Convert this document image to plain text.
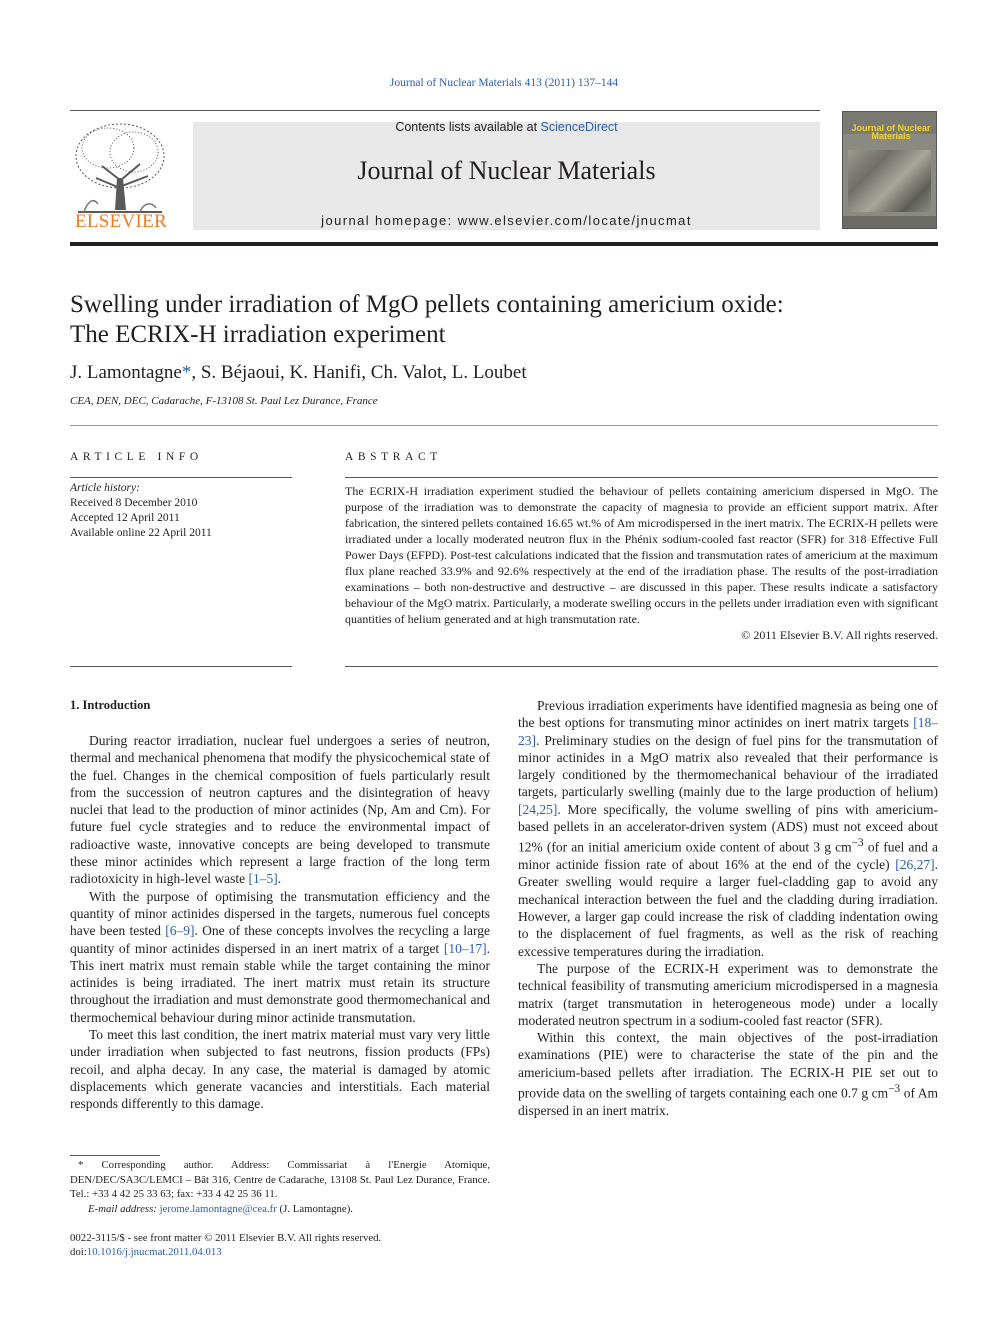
Journal of Nuclear Materials 413 (2011) 137–144
ELSEVIER
Contents lists available at ScienceDirect
Journal of Nuclear Materials
journal homepage: www.elsevier.com/locate/jnucmat
Journal of Nuclear Materials
Swelling under irradiation of MgO pellets containing americium oxide:
The ECRIX-H irradiation experiment
J. Lamontagne*, S. Béjaoui, K. Hanifi, Ch. Valot, L. Loubet
CEA, DEN, DEC, Cadarache, F-13108 St. Paul Lez Durance, France
ARTICLE INFO
Article history:
Received 8 December 2010
Accepted 12 April 2011
Available online 22 April 2011
ABSTRACT

The ECRIX-H irradiation experiment studied the behaviour of pellets containing americium dispersed in MgO. The purpose of the irradiation was to demonstrate the capacity of magnesia to provide an efficient support matrix. After fabrication, the sintered pellets contained 16.65 wt.% of Am microdispersed in the inert matrix. The ECRIX-H pellets were irradiated under a locally moderated neutron flux in the Phénix sodium-cooled fast reactor (SFR) for 318 Effective Full Power Days (EFPD). Post-test calculations indicated that the fission and transmutation rates of americium at the maximum flux plane reached 33.9% and 92.6% respectively at the end of the irradiation phase. The results of the post-irradiation examinations – both non-destructive and destructive – are discussed in this paper. These results indicate a satisfactory behaviour of the MgO matrix. Particularly, a moderate swelling occurs in the pellets under irradiation even with significant quantities of helium generated and at high transmutation rate.

© 2011 Elsevier B.V. All rights reserved.

1. Introduction

During reactor irradiation, nuclear fuel undergoes a series of neutron, thermal and mechanical phenomena that modify the physicochemical state of the fuel. Changes in the chemical composition of fuels particularly result from the succession of neutron captures and the disintegration of heavy nuclei that lead to the production of minor actinides (Np, Am and Cm). For future fuel cycle strategies and to reduce the environmental impact of radioactive waste, innovative concepts are being developed to transmute these minor actinides which represent a large fraction of the long term radiotoxicity in high-level waste [1–5].

With the purpose of optimising the transmutation efficiency and the quantity of minor actinides dispersed in the targets, numerous fuel concepts have been tested [6–9]. One of these concepts involves the recycling a large quantity of minor actinides dispersed in an inert matrix of a target [10–17]. This inert matrix must remain stable while the target containing the minor actinides is being irradiated. The inert matrix must retain its structure throughout the irradiation and must demonstrate good thermomechanical and thermochemical behaviour during minor actinide transmutation.

To meet this last condition, the inert matrix material must vary very little under irradiation when subjected to fast neutrons, fission products (FPs) recoil, and alpha decay. In any case, the material is damaged by atomic displacements which generate vacancies and interstitials. Each material responds differently to this damage.

Previous irradiation experiments have identified magnesia as being one of the best options for transmuting minor actinides on inert matrix targets [18–23]. Preliminary studies on the design of fuel pins for the transmutation of minor actinides in a MgO matrix also revealed that their performance is largely conditioned by the thermomechanical behaviour of the irradiated targets, particularly swelling (mainly due to the large production of helium) [24,25]. More specifically, the volume swelling of pins with americium-based pellets in an accelerator-driven system (ADS) must not exceed about 12% (for an initial americium oxide content of about 3 g $cm^{-3}$ of fuel and a minor actinide fission rate of about 16% at the end of the cycle) [26,27]. Greater swelling would require a larger fuel-cladding gap to avoid any mechanical interaction between the fuel and the cladding during irradiation. However, a larger gap could increase the risk of cladding indentation owing to the displacement of fuel fragments, as well as the risk of reaching excessive temperatures during the irradiation.

The purpose of the ECRIX-H experiment was to demonstrate the technical feasibility of transmuting americium microdispersed in a magnesia matrix (target transmutation in heterogeneous mode) under a locally moderated neutron spectrum in a sodium-cooled fast reactor (SFR).

Within this context, the main objectives of the post-irradiation examinations (PIE) were to characterise the state of the pin and the americium-based pellets after irradiation. The ECRIX-H PIE set out to provide data on the swelling of targets containing each one 0.7 g $cm^{-3}$ of Am dispersed in an inert matrix.

* Corresponding author. Address: Commissariat à l'Energie Atomique, DEN/DEC/SA3C/LEMCI – Bât 316, Centre de Cadarache, 13108 St. Paul Lez Durance, France. Tel.: +33 4 42 25 33 63; fax: +33 4 42 25 36 11.

E-mail address: jerome.lamontagne@cea.fr (J. Lamontagne).

0022-3115/$ - see front matter © 2011 Elsevier B.V. All rights reserved.
doi:10.1016/j.jnucmat.2011.04.013
